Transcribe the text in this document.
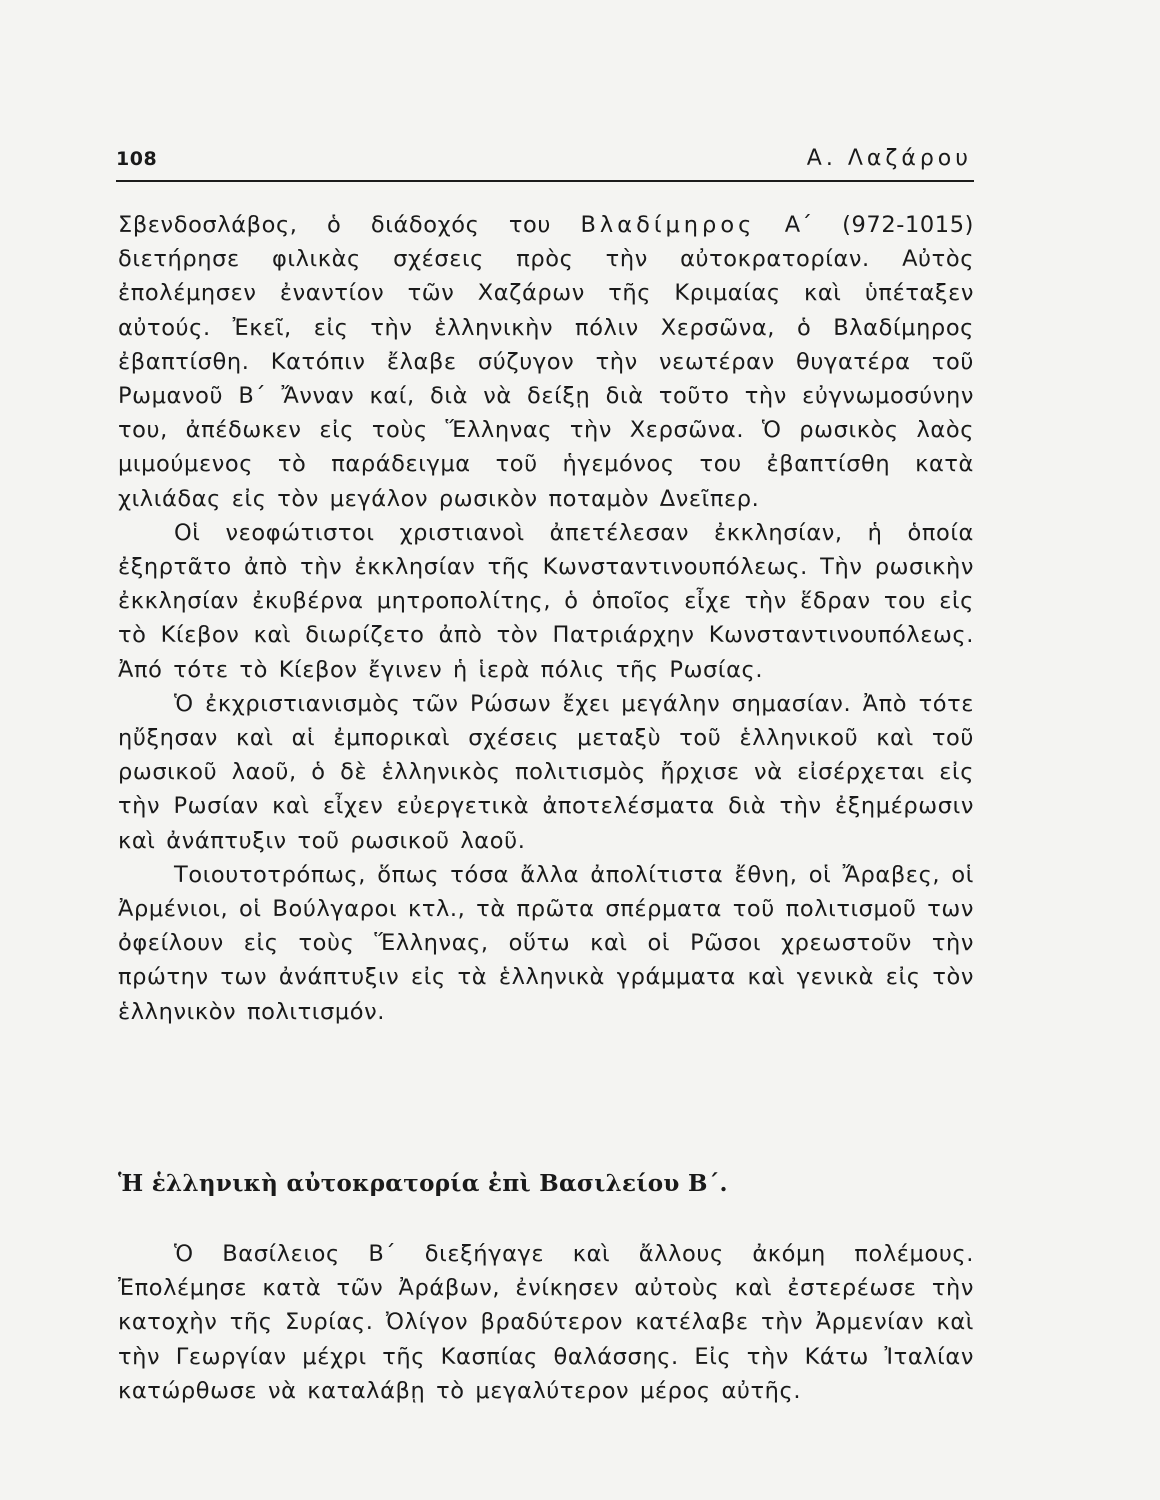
108	Α. Λαζάρου

Σβενδοσλάβος, ὁ διάδοχός του Βλαδίμηρος Α΄ (972-1015) διετήρησε φιλικὰς σχέσεις πρὸς τὴν αὐτοκρατορίαν. Αὐτὸς ἐπολέμησεν ἐναντίον τῶν Χαζάρων τῆς Κριμαίας καὶ ὑπέταξεν αὐτούς. Ἐκεῖ, εἰς τὴν ἑλληνικὴν πόλιν Χερσῶνα, ὁ Βλαδίμηρος ἐβαπτίσθη. Κατόπιν ἔλαβε σύζυγον τὴν νεωτέραν θυγατέρα τοῦ Ρωμανοῦ Β΄ Ἄνναν καί, διὰ νὰ δείξῃ διὰ τοῦτο τὴν εὐγνωμοσύνην του, ἀπέδωκεν εἰς τοὺς Ἕλληνας τὴν Χερσῶνα. Ὁ ρωσικὸς λαὸς μιμούμενος τὸ παράδειγμα τοῦ ἡγεμόνος του ἐβαπτίσθη κατὰ χιλιάδας εἰς τὸν μεγάλον ρωσικὸν ποταμὸν Δνεῖπερ.

Οἱ νεοφώτιστοι χριστιανοὶ ἀπετέλεσαν ἐκκλησίαν, ἡ ὁποία ἐξηρτᾶτο ἀπὸ τὴν ἐκκλησίαν τῆς Κωνσταντινουπόλεως. Τὴν ρωσικὴν ἐκκλησίαν ἐκυβέρνα μητροπολίτης, ὁ ὁποῖος εἶχε τὴν ἕδραν του εἰς τὸ Κίεβον καὶ διωρίζετο ἀπὸ τὸν Πατριάρχην Κωνσταντινουπόλεως. Ἀπό τότε τὸ Κίεβον ἔγινεν ἡ ἱερὰ πόλις τῆς Ρωσίας.

Ὁ ἐκχριστιανισμὸς τῶν Ρώσων ἔχει μεγάλην σημασίαν. Ἀπὸ τότε ηὔξησαν καὶ αἱ ἐμπορικαὶ σχέσεις μεταξὺ τοῦ ἑλληνικοῦ καὶ τοῦ ρωσικοῦ λαοῦ, ὁ δὲ ἑλληνικὸς πολιτισμὸς ἤρχισε νὰ εἰσέρχεται εἰς τὴν Ρωσίαν καὶ εἶχεν εὐεργετικὰ ἀποτελέσματα διὰ τὴν ἐξημέρωσιν καὶ ἀνάπτυξιν τοῦ ρωσικοῦ λαοῦ.

Τοιουτοτρόπως, ὅπως τόσα ἄλλα ἀπολίτιστα ἔθνη, οἱ Ἄραβες, οἱ Ἀρμένιοι, οἱ Βούλγαροι κτλ., τὰ πρῶτα σπέρματα τοῦ πολιτισμοῦ των ὀφείλουν εἰς τοὺς Ἕλληνας, οὕτω καὶ οἱ Ρῶσοι χρεωστοῦν τὴν πρώτην των ἀνάπτυξιν εἰς τὰ ἑλληνικὰ γράμματα καὶ γενικὰ εἰς τὸν ἑλληνικὸν πολιτισμόν.

Ἡ ἑλληνικὴ αὐτοκρατορία ἐπὶ Βασιλείου Β΄.

Ὁ Βασίλειος Β΄ διεξήγαγε καὶ ἄλλους ἀκόμη πολέμους. Ἐπολέμησε κατὰ τῶν Ἀράβων, ἐνίκησεν αὐτοὺς καὶ ἐστερέωσε τὴν κατοχὴν τῆς Συρίας. Ὀλίγον βραδύτερον κατέλαβε τὴν Ἀρμενίαν καὶ τὴν Γεωργίαν μέχρι τῆς Κασπίας θαλάσσης. Εἰς τὴν Κάτω Ἰταλίαν κατώρθωσε νὰ καταλάβῃ τὸ μεγαλύτερον μέρος αὐτῆς.
